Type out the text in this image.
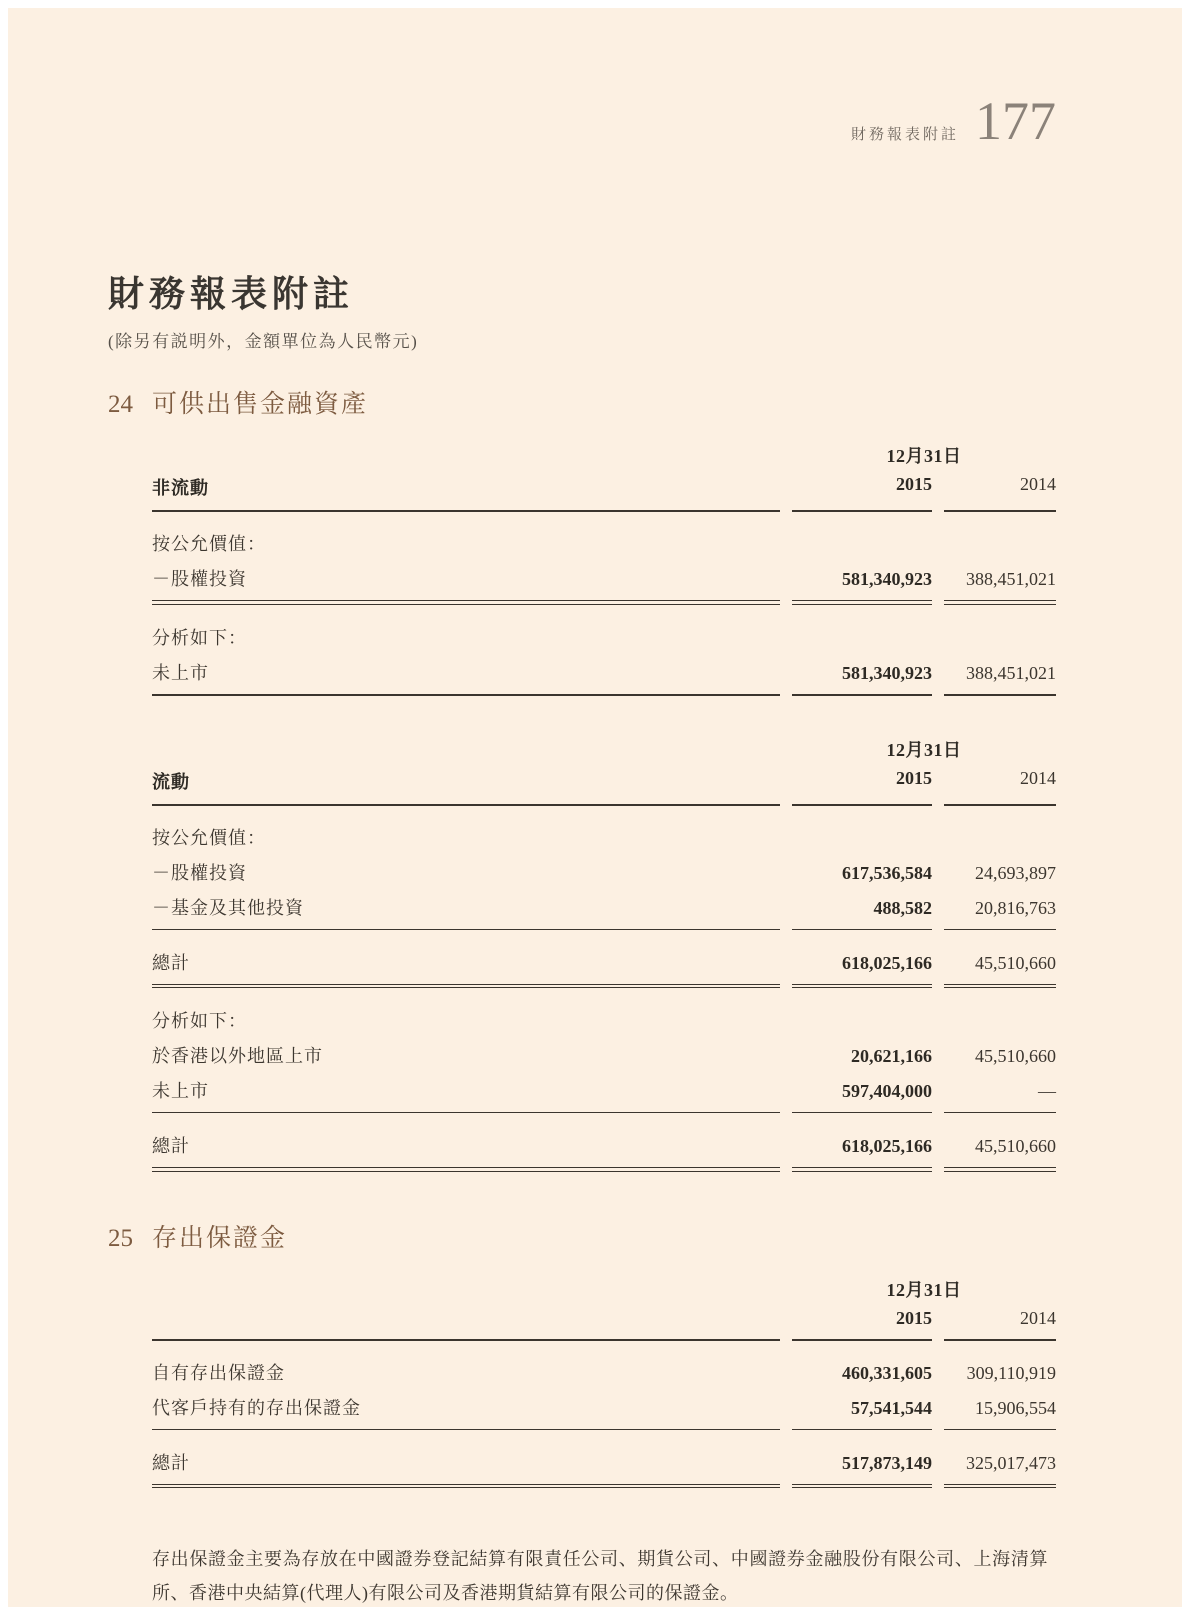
財務報表附註 177
財務報表附註
(除另有説明外，金額單位為人民幣元)
24 可供出售金融資產
12月31日
非流動	2015	2014
按公允價值：
－股權投資	581,340,923	388,451,021
分析如下：
未上市	581,340,923	388,451,021
12月31日
流動	2015	2014
按公允價值：
－股權投資	617,536,584	24,693,897
－基金及其他投資	488,582	20,816,763
總計	618,025,166	45,510,660
分析如下：
於香港以外地區上市	20,621,166	45,510,660
未上市	597,404,000	—
總計	618,025,166	45,510,660
25 存出保證金
12月31日
2015	2014
自有存出保證金	460,331,605	309,110,919
代客戶持有的存出保證金	57,541,544	15,906,554
總計	517,873,149	325,017,473

存出保證金主要為存放在中國證券登記結算有限責任公司、期貨公司、中國證券金融股份有限公司、上海清算所、香港中央結算(代理人)有限公司及香港期貨結算有限公司的保證金。
